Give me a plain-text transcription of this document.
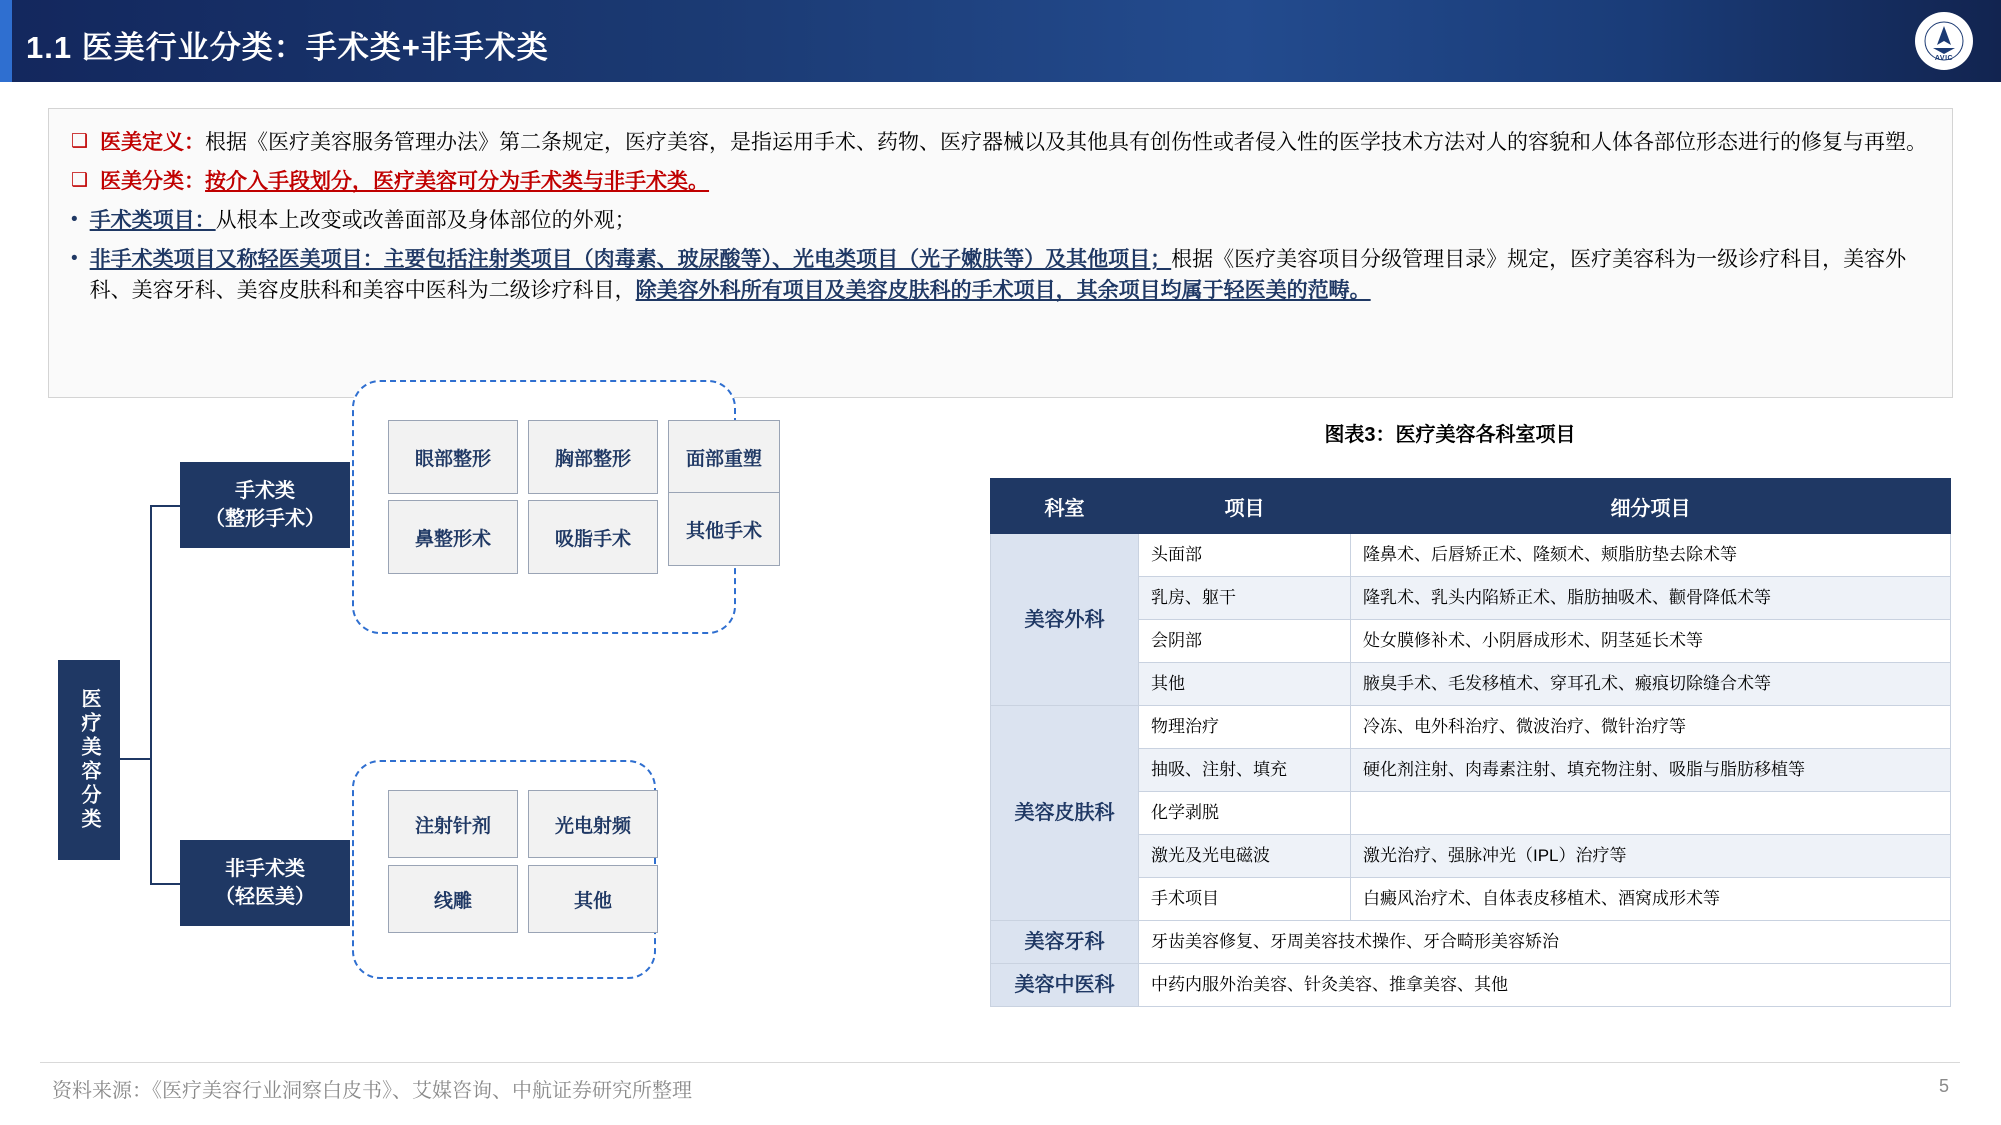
1.1 医美行业分类：手术类+非手术类	AVIC
❑ 医美定义：根据《医疗美容服务管理办法》第二条规定，医疗美容，是指运用手术、药物、医疗器械以及其他具有创伤性或者侵入性的医学技术方法对人的容貌和人体各部位形态进行的修复与再塑。
❑ 医美分类：按介入手段划分，医疗美容可分为手术类与非手术类。
• 手术类项目：从根本上改变或改善面部及身体部位的外观；
• 非手术类项目又称轻医美项目：主要包括注射类项目（肉毒素、玻尿酸等）、光电类项目（光子嫩肤等）及其他项目；根据《医疗美容项目分级管理目录》规定，医疗美容科为一级诊疗科目，美容外科、美容牙科、美容皮肤科和美容中医科为二级诊疗科目，除美容外科所有项目及美容皮肤科的手术项目，其余项目均属于轻医美的范畴。
图表3：医疗美容各科室项目
医疗美容分类
手术类
（整形手术）
非手术类
（轻医美）
眼部整形	胸部整形	面部重塑
鼻整形术	吸脂手术	其他手术
注射针剂	光电射频
线雕	其他
科室	项目	细分项目
美容外科	头面部	隆鼻术、后唇矫正术、隆颏术、颊脂肪垫去除术等
	乳房、躯干	隆乳术、乳头内陷矫正术、脂肪抽吸术、颧骨降低术等
	会阴部	处女膜修补术、小阴唇成形术、阴茎延长术等
	其他	腋臭手术、毛发移植术、穿耳孔术、瘢痕切除缝合术等
美容皮肤科	物理治疗	冷冻、电外科治疗、微波治疗、微针治疗等
	抽吸、注射、填充	硬化剂注射、肉毒素注射、填充物注射、吸脂与脂肪移植等
	化学剥脱	
	激光及光电磁波	激光治疗、强脉冲光（IPL）治疗等
	手术项目	白癜风治疗术、自体表皮移植术、酒窝成形术等
美容牙科	牙齿美容修复、牙周美容技术操作、牙合畸形美容矫治	
美容中医科	中药内服外治美容、针灸美容、推拿美容、其他	
资料来源：《医疗美容行业洞察白皮书》、艾媒咨询、中航证券研究所整理	5
